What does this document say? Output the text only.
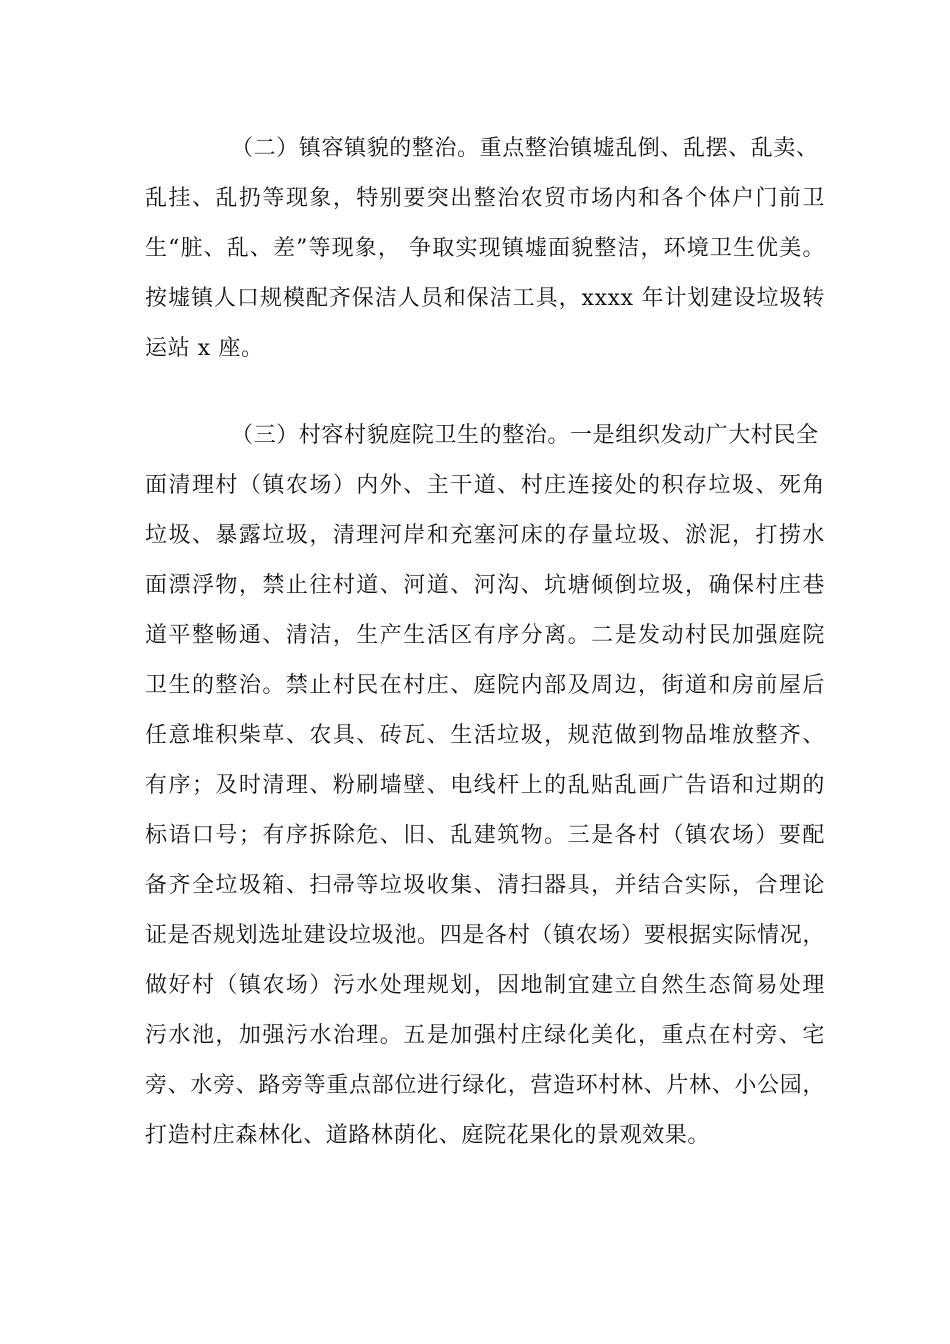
（二）镇容镇貌的整治。重点整治镇墟乱倒、乱摆、乱卖、
乱挂、乱扔等现象，特别要突出整治农贸市场内和各个体户门前卫
生“脏、乱、差”等现象， 争取实现镇墟面貌整洁，环境卫生优美。
按墟镇人口规模配齐保洁人员和保洁工具，xxxx 年计划建设垃圾转
运站 x 座。
（三）村容村貌庭院卫生的整治。一是组织发动广大村民全
面清理村（镇农场）内外、主干道、村庄连接处的积存垃圾、死角
垃圾、暴露垃圾，清理河岸和充塞河床的存量垃圾、淤泥，打捞水
面漂浮物，禁止往村道、河道、河沟、坑塘倾倒垃圾，确保村庄巷
道平整畅通、清洁，生产生活区有序分离。二是发动村民加强庭院
卫生的整治。禁止村民在村庄、庭院内部及周边，街道和房前屋后
任意堆积柴草、农具、砖瓦、生活垃圾，规范做到物品堆放整齐、
有序；及时清理、粉刷墙壁、电线杆上的乱贴乱画广告语和过期的
标语口号；有序拆除危、旧、乱建筑物。三是各村（镇农场）要配
备齐全垃圾箱、扫帚等垃圾收集、清扫器具，并结合实际，合理论
证是否规划选址建设垃圾池。四是各村（镇农场）要根据实际情况，
做好村（镇农场）污水处理规划，因地制宜建立自然生态简易处理
污水池，加强污水治理。五是加强村庄绿化美化，重点在村旁、宅
旁、水旁、路旁等重点部位进行绿化，营造环村林、片林、小公园，
打造村庄森林化、道路林荫化、庭院花果化的景观效果。
